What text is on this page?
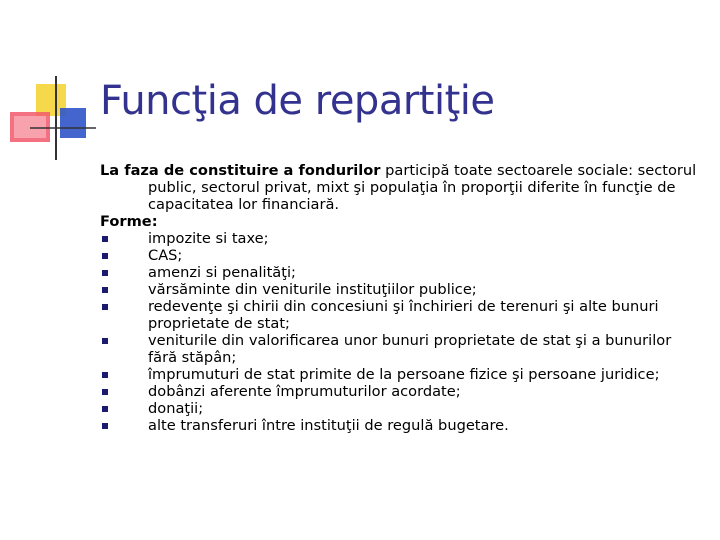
Funcţia de repartiţie
La faza de constituire a fondurilor participă toate sectoarele sociale: sectorul public, sectorul privat, mixt şi populaţia în proporţii diferite în funcţie de capacitatea lor financiară.
Forme:
impozite si taxe;
CAS;
amenzi si penalităţi;
vărsăminte din veniturile instituţiilor publice;
redevenţe şi chirii din concesiuni şi închirieri de terenuri şi alte bunuri proprietate de stat;
veniturile din valorificarea unor bunuri proprietate de stat şi a bunurilor fără stăpân;
împrumuturi de stat primite de la persoane fizice şi persoane juridice;
dobânzi aferente împrumuturilor acordate;
donaţii;
alte transferuri între instituţii de regulă bugetare.
